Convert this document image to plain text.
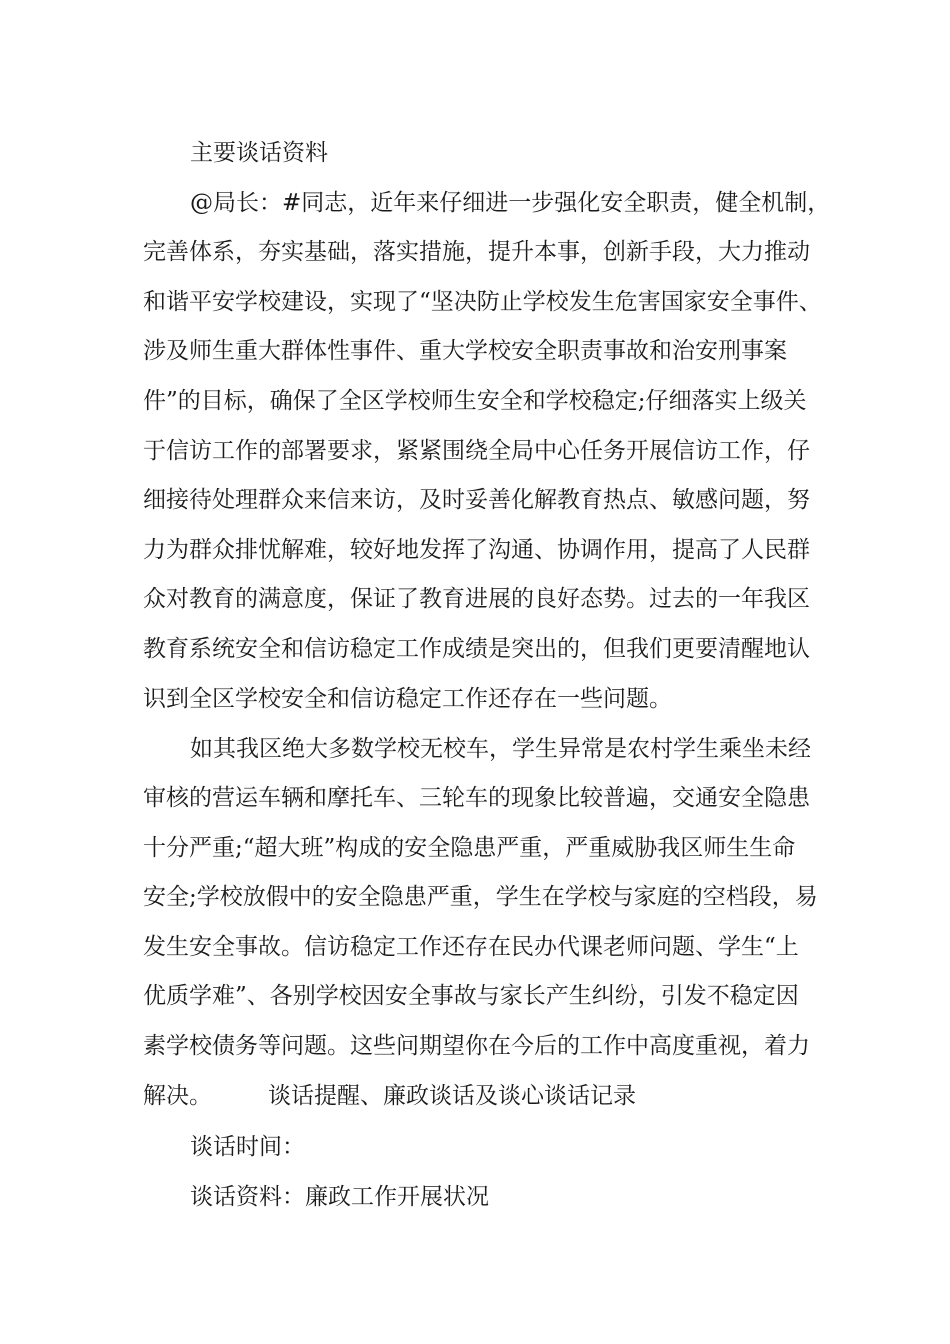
主要谈话资料
@局长：#同志，近年来仔细进一步强化安全职责，健全机制，
完善体系，夯实基础，落实措施，提升本事，创新手段，大力推动
和谐平安学校建设，实现了“坚决防止学校发生危害国家安全事件、
涉及师生重大群体性事件、重大学校安全职责事故和治安刑事案
件”的目标，确保了全区学校师生安全和学校稳定;仔细落实上级关
于信访工作的部署要求，紧紧围绕全局中心任务开展信访工作，仔
细接待处理群众来信来访，及时妥善化解教育热点、敏感问题，努
力为群众排忧解难，较好地发挥了沟通、协调作用，提高了人民群
众对教育的满意度，保证了教育进展的良好态势。过去的一年我区
教育系统安全和信访稳定工作成绩是突出的，但我们更要清醒地认
识到全区学校安全和信访稳定工作还存在一些问题。
如其我区绝大多数学校无校车，学生异常是农村学生乘坐未经
审核的营运车辆和摩托车、三轮车的现象比较普遍，交通安全隐患
十分严重;“超大班”构成的安全隐患严重，严重威胁我区师生生命
安全;学校放假中的安全隐患严重，学生在学校与家庭的空档段，易
发生安全事故。信访稳定工作还存在民办代课老师问题、学生“上
优质学难”、各别学校因安全事故与家长产生纠纷，引发不稳定因
素学校债务等问题。这些问期望你在今后的工作中高度重视，着力
解决。 谈话提醒、廉政谈话及谈心谈话记录
谈话时间：
谈话资料：廉政工作开展状况
